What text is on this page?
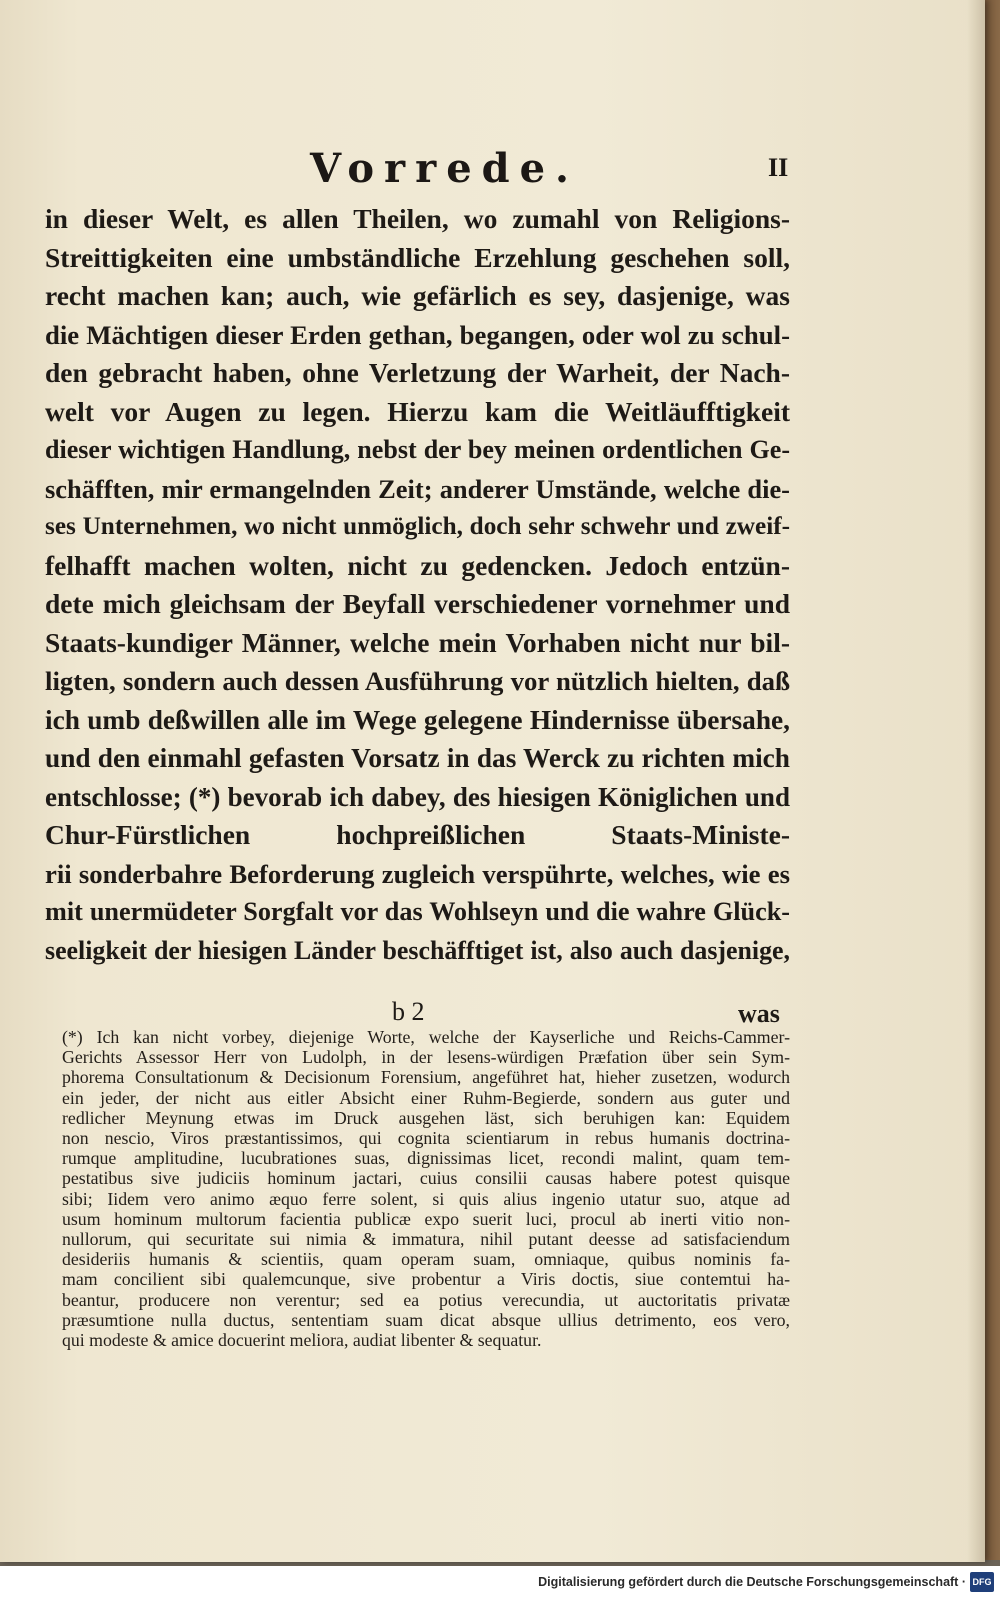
Vorrede.	II
in dieser Welt, es allen Theilen, wo zumahl von Religions-
Streittigkeiten eine umbständliche Erzehlung geschehen soll,
recht machen kan; auch, wie gefärlich es sey, dasjenige, was
die Mächtigen dieser Erden gethan, begangen, oder wol zu schul-
den gebracht haben, ohne Verletzung der Warheit, der Nach-
welt vor Augen zu legen. Hierzu kam die Weitläufftigkeit
dieser wichtigen Handlung, nebst der bey meinen ordentlichen Ge-
schäfften, mir ermangelnden Zeit; anderer Umstände, welche die-
ses Unternehmen, wo nicht unmöglich, doch sehr schwehr und zweif-
felhafft machen wolten, nicht zu gedencken. Jedoch entzün-
dete mich gleichsam der Beyfall verschiedener vornehmer und
Staats-kundiger Männer, welche mein Vorhaben nicht nur bil-
ligten, sondern auch dessen Ausführung vor nützlich hielten, daß
ich umb deßwillen alle im Wege gelegene Hindernisse übersahe,
und den einmahl gefasten Vorsatz in das Werck zu richten mich
entschlosse; (*) bevorab ich dabey, des hiesigen Königlichen und
Chur-Fürstlichen hochpreißlichen Staats-Ministe-
rii sonderbahre Beforderung zugleich verspührte, welches, wie es
mit unermüdeter Sorgfalt vor das Wohlseyn und die wahre Glück-
seeligkeit der hiesigen Länder beschäfftiget ist, also auch dasjenige,
b 2	was
(*) Ich kan nicht vorbey, diejenige Worte, welche der Kayserliche und Reichs-Cammer-
Gerichts Assessor Herr von Ludolph, in der lesens-würdigen Præfation über sein Sym-
phorema Consultationum & Decisionum Forensium, angeführet hat, hieher zusetzen, wodurch
ein jeder, der nicht aus eitler Absicht einer Ruhm-Begierde, sondern aus guter und
redlicher Meynung etwas im Druck ausgehen läst, sich beruhigen kan: Equidem
non nescio, Viros præstantissimos, qui cognita scientiarum in rebus humanis doctrina-
rumque amplitudine, lucubrationes suas, dignissimas licet, recondi malint, quam tem-
pestatibus sive judiciis hominum jactari, cuius consilii causas habere potest quisque
sibi; Iidem vero animo æquo ferre solent, si quis alius ingenio utatur suo, atque ad
usum hominum multorum facientia publicæ expo suerit luci, procul ab inerti vitio non-
nullorum, qui securitate sui nimia & immatura, nihil putant deesse ad satisfaciendum
desideriis humanis & scientiis, quam operam suam, omniaque, quibus nominis fa-
mam concilient sibi qualemcunque, sive probentur a Viris doctis, siue contemtui ha-
beantur, producere non verentur; sed ea potius verecundia, ut auctoritatis privatæ
præsumtione nulla ductus, sententiam suam dicat absque ullius detrimento, eos vero,
qui modeste & amice docuerint meliora, audiat libenter & sequatur.
Digitalisierung gefördert durch die Deutsche Forschungsgemeinschaft · DFG
